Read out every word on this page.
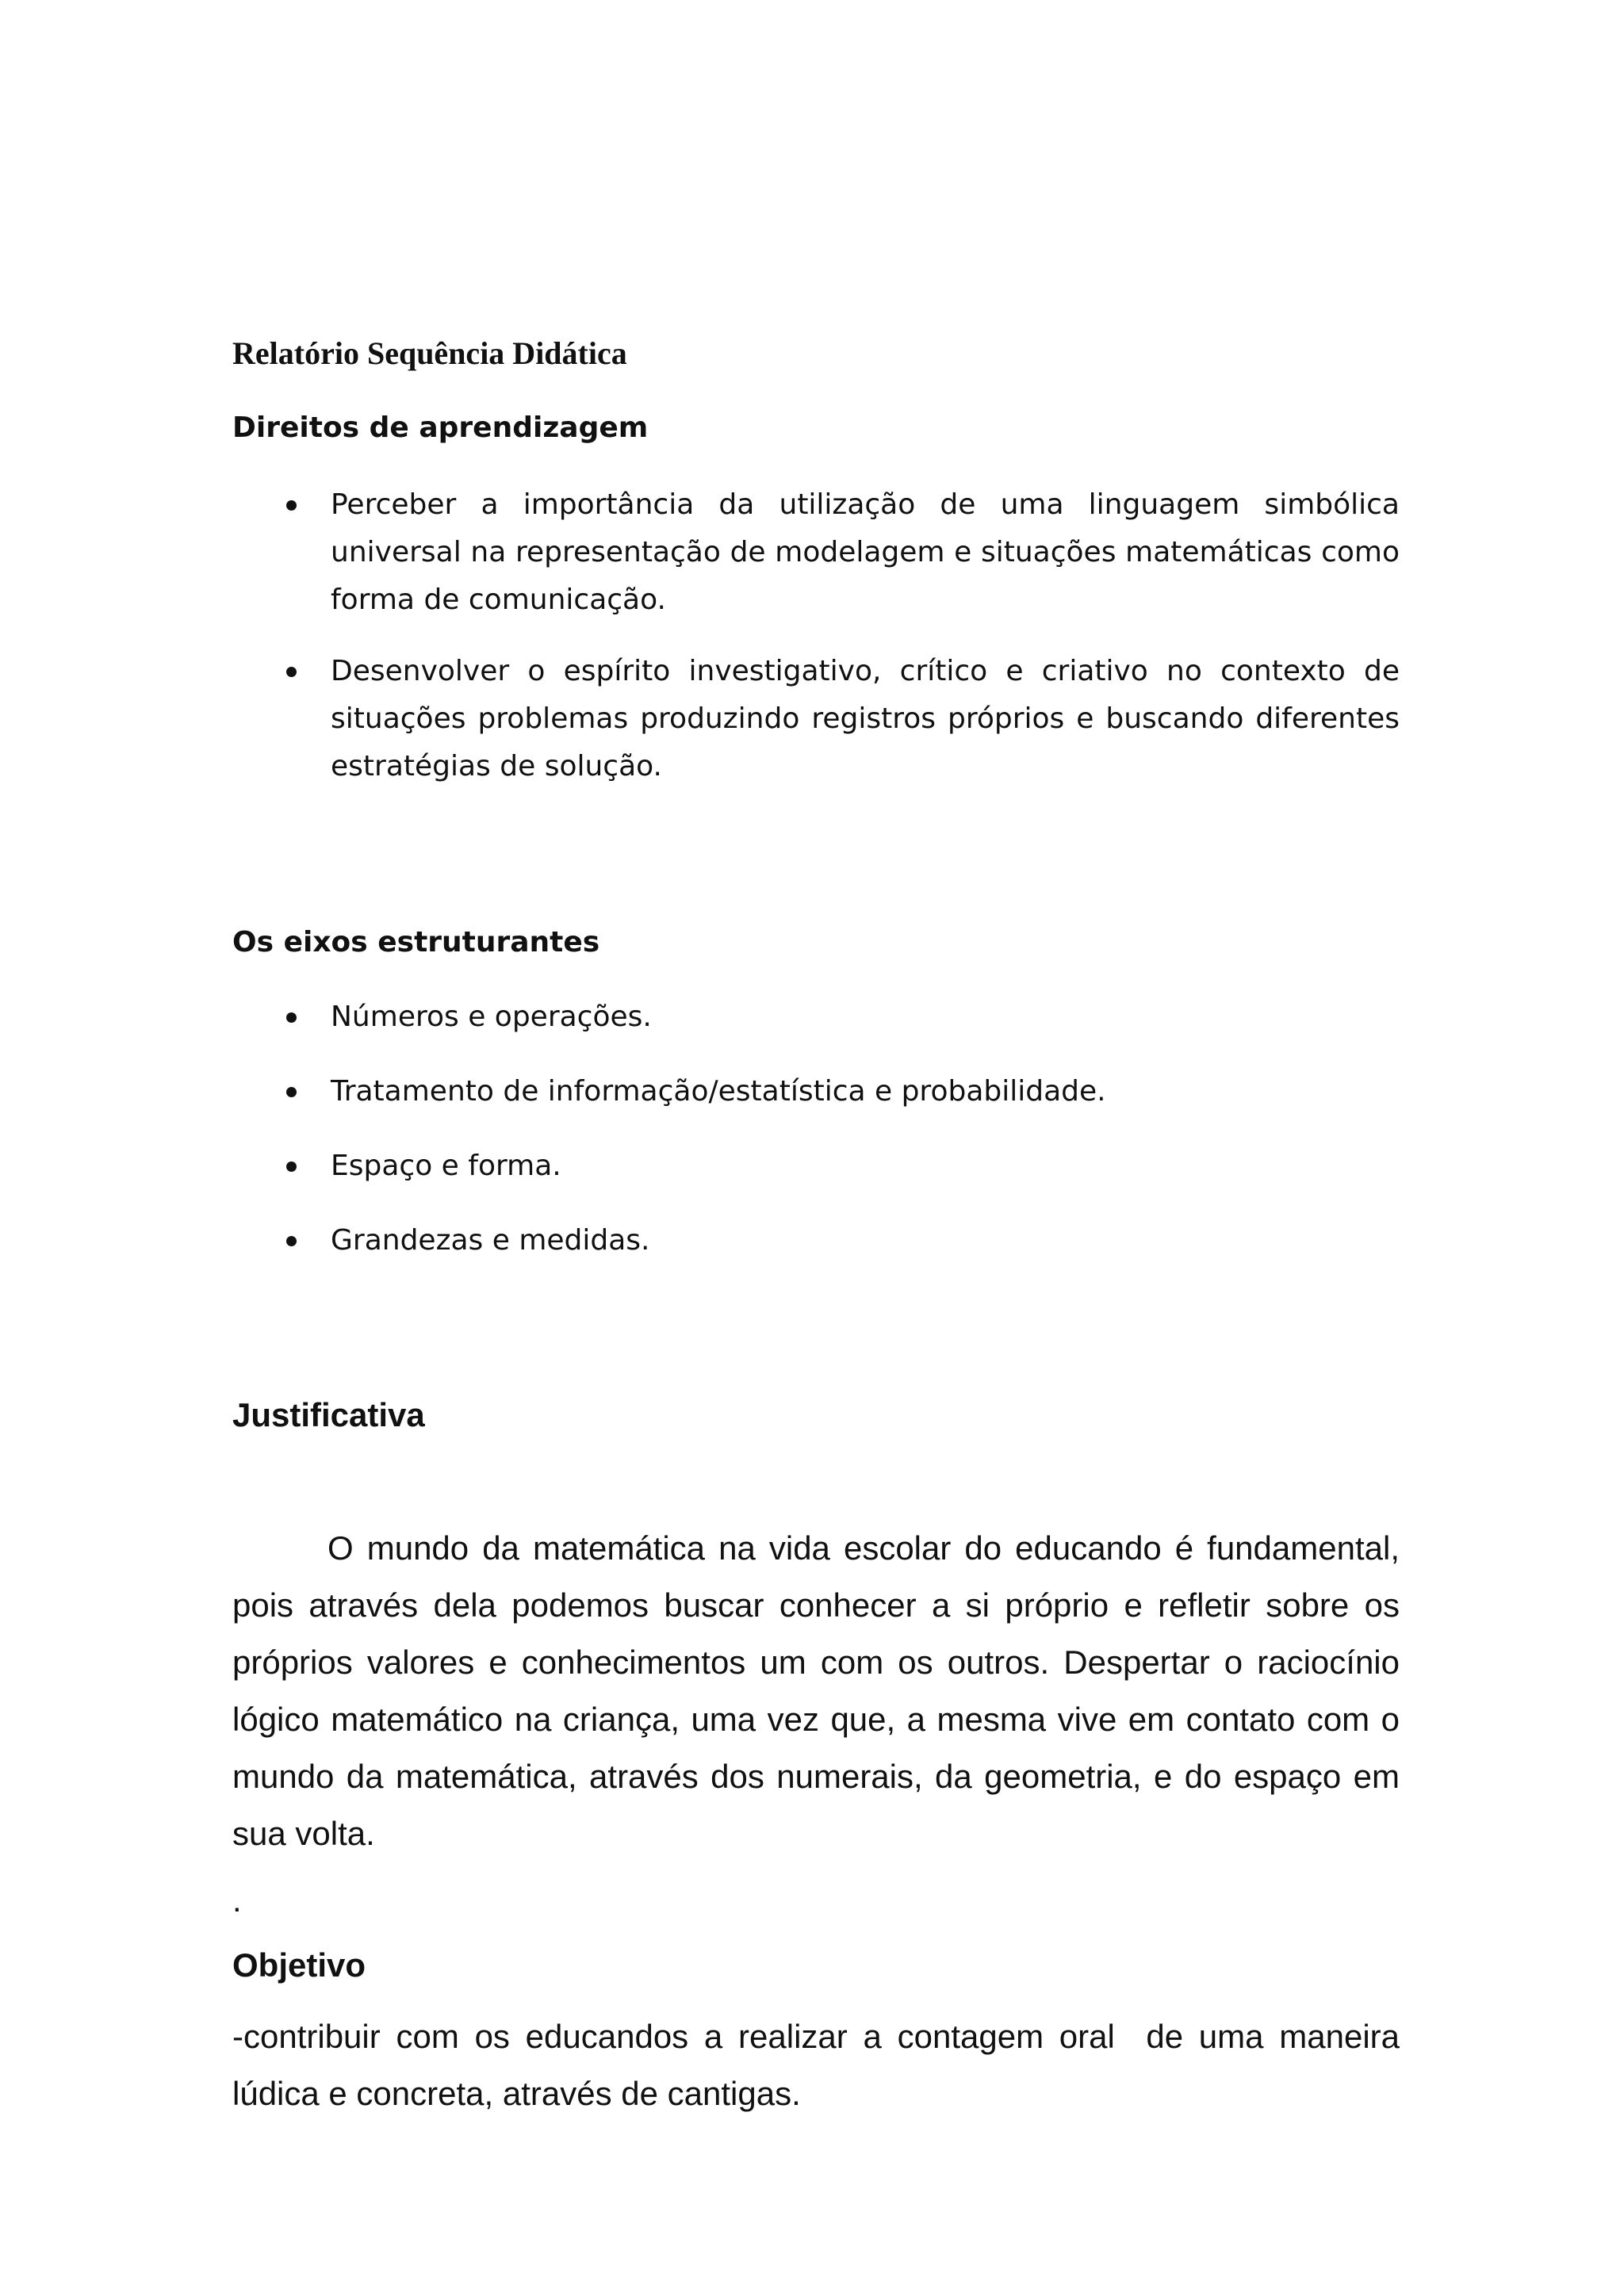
Relatório Sequência Didática
Direitos de aprendizagem
Perceber a importância da utilização de uma linguagem simbólica universal na representação de modelagem e situações matemáticas como forma de comunicação.
Desenvolver o espírito investigativo, crítico e criativo no contexto de situações problemas produzindo registros próprios e buscando diferentes estratégias de solução.
Os eixos estruturantes
Números e operações.
Tratamento de informação/estatística e probabilidade.
Espaço e forma.
Grandezas e medidas.
Justificativa

O mundo da matemática na vida escolar do educando é fundamental, pois através dela podemos buscar conhecer a si próprio e refletir sobre os próprios valores e conhecimentos um com os outros. Despertar o raciocínio lógico matemático na criança, uma vez que, a mesma vive em contato com o mundo da matemática, através dos numerais, da geometria, e do espaço em sua volta.

.
Objetivo

-contribuir com os educandos a realizar a contagem oral  de uma maneira lúdica e concreta, através de cantigas.
